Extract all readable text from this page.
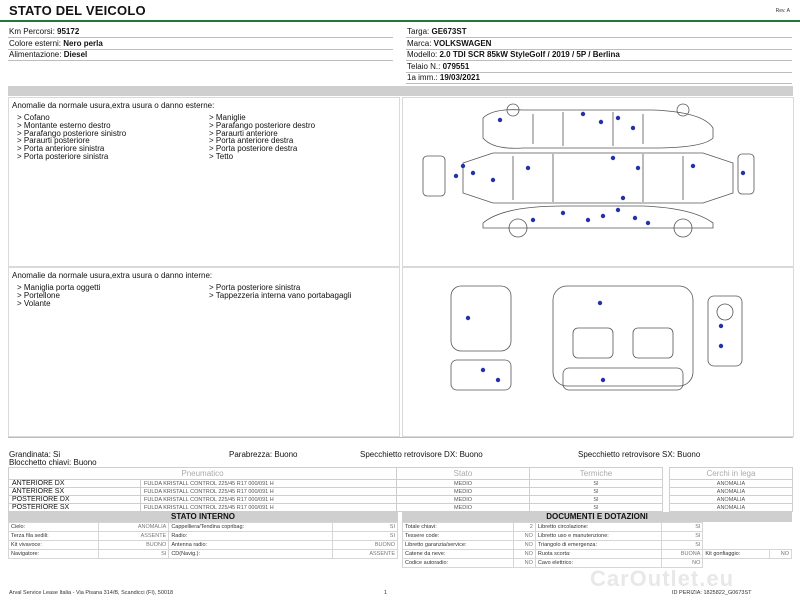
STATO DEL VEICOLO	Rev. A
Anomalie da normale usura,extra usura o danno esterne:
> Cofano
> Montante esterno destro
> Parafango posteriore sinistro
> Paraurti posteriore
> Porta anteriore sinistra
> Porta posteriore sinistra
> Maniglie
> Parafango posteriore destro
> Paraurti anteriore
> Porta anteriore destra
> Porta posteriore destra
> Tetto
Anomalie da normale usura,extra usura o danno interne:
> Maniglia porta oggetti
> Portellone
> Volante
> Porta posteriore sinistra
> Tappezzeria interna vano portabagagli
Grandinata: Si	Parabrezza: Buono	Specchietto retrovisore DX: Buono	Specchietto retrovisore SX: Buono
Blocchetto chiavi: Buono
Pneumatico		Stato	Termiche		Cerchi in lega
ANTERIORE DX	FULDA KRISTALL CONTROL 225/45 R17 000/091 H	MEDIO	SI		ANOMALIA
ANTERIORE SX	FULDA KRISTALL CONTROL 225/45 R17 000/091 H	MEDIO	SI		ANOMALIA
POSTERIORE DX	FULDA KRISTALL CONTROL 225/45 R17 000/091 H	MEDIO	SI		ANOMALIA
POSTERIORE SX	FULDA KRISTALL CONTROL 225/45 R17 000/091 H	MEDIO	SI		ANOMALIA
STATO INTERNO
Cielo:	ANOMALIA	Cappelliera/Tendina copribag:	SI
Terza fila sedili:	ASSENTE	Radio:	SI
Kit vivavoce:	BUONO	Antenna radio:	BUONO
Navigatore:	SI	CD(Navig.):	ASSENTE
DOCUMENTI E DOTAZIONI
Totale chiavi:	2	Libretto circolazione:	SI		
Tessere code:	NO	Libretto uso e manutenzione:	SI		
Libretto garanzia/service:	NO	Triangolo di emergenza:	SI		
Catene da neve:	NO	Ruota scorta:	BUONA	Kit gonfiaggio:	NO
Codice autoradio:	NO	Cavo elettrico:	NO		
CarOutlet.eu
Arval Service Lease Italia - Via Pisana 314/B, Scandicci (FI), 50018	1	ID PERIZIA: 1825822_G0673ST
Km Percorsi: 95172
Colore esterni: Nero perla
Alimentazione: Diesel
Targa: GE673ST
Marca: VOLKSWAGEN
Modello: 2.0 TDI SCR 85kW StyleGolf / 2019 / 5P / Berlina
Telaio N.: 079551
1a imm.: 19/03/2021
